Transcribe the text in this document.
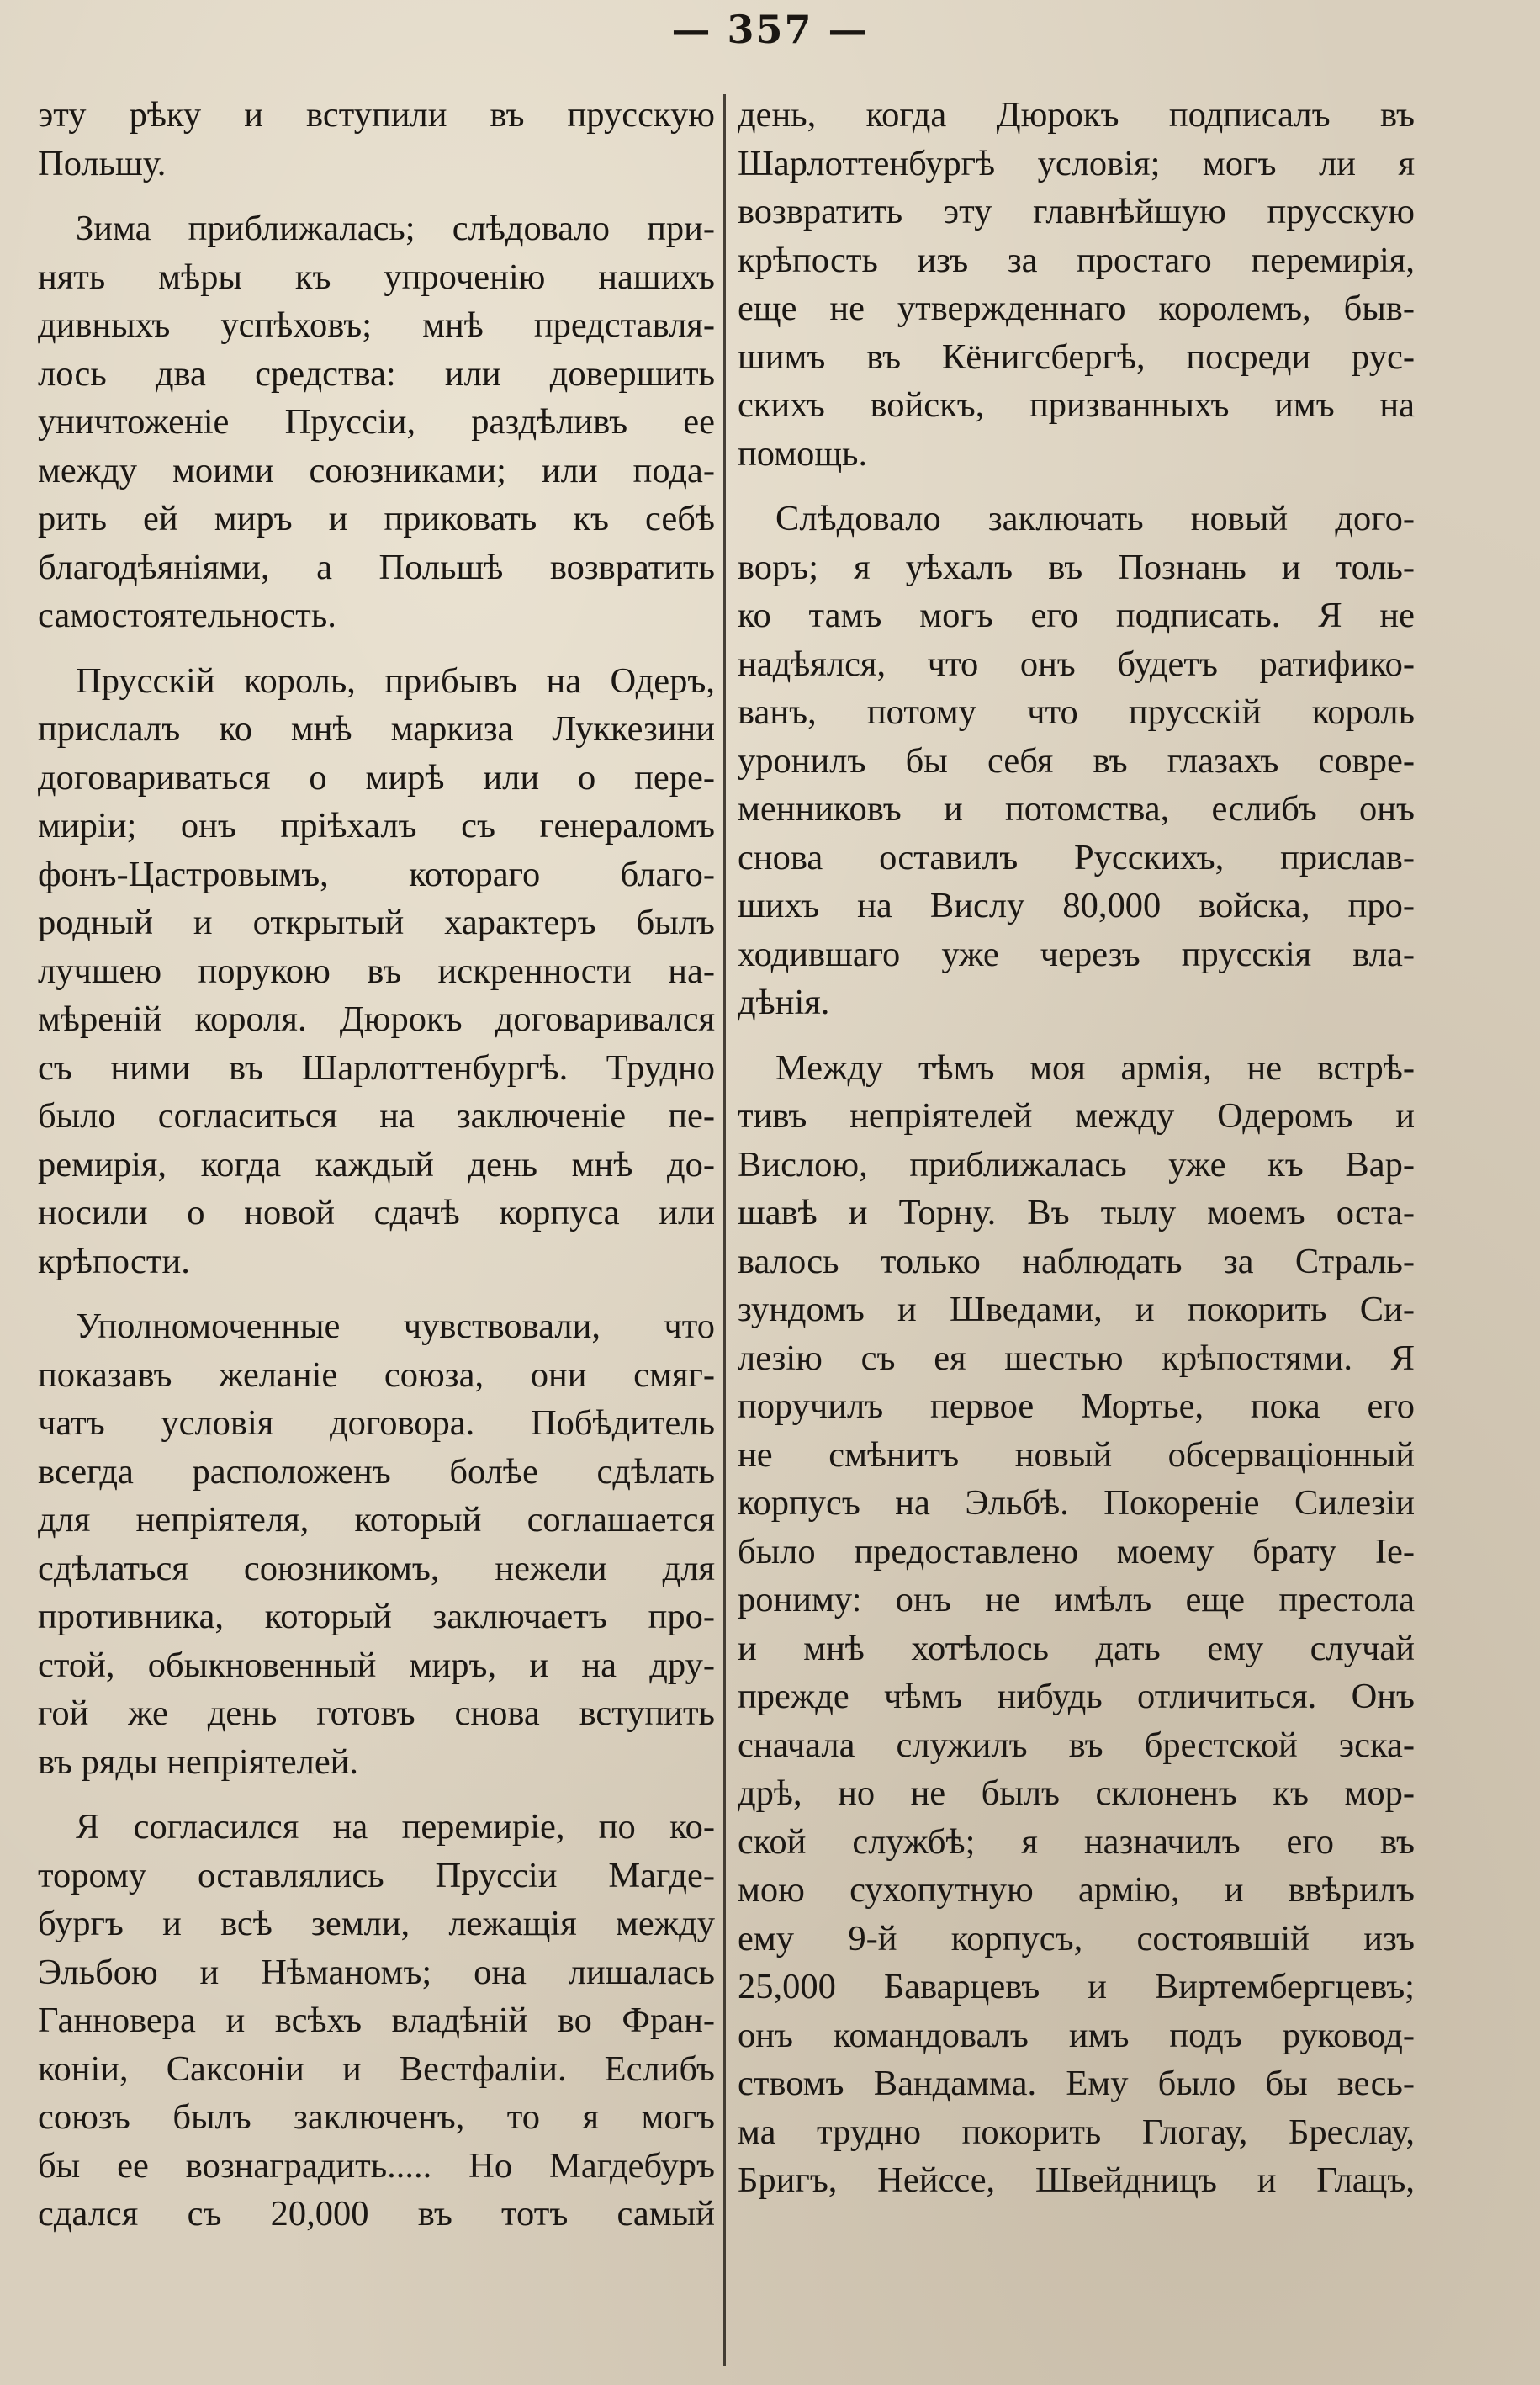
— 357 —
эту рѣку и вступили въ прусскую
Польшу.
Зима приближалась; слѣдовало при-
нять мѣры къ упроченію нашихъ
дивныхъ успѣховъ; мнѣ представля-
лось два средства: или довершить
уничтоженіе Пруссіи, раздѣливъ ее
между моими союзниками; или пода-
рить ей миръ и приковать къ себѣ
благодѣяніями, а Польшѣ возвратить
самостоятельность.
Прусскій король, прибывъ на Одеръ,
прислалъ ко мнѣ маркиза Луккезини
договариваться о мирѣ или о пере-
миріи; онъ пріѣхалъ съ генераломъ
фонъ-Цастровымъ, котораго благо-
родный и открытый характеръ былъ
лучшею порукою въ искренности на-
мѣреній короля. Дюрокъ договаривался
съ ними въ Шарлоттенбургѣ. Трудно
было согласиться на заключеніе пе-
ремирія, когда каждый день мнѣ до-
носили о новой сдачѣ корпуса или
крѣпости.
Уполномоченные чувствовали, что
показавъ желаніе союза, они смяг-
чатъ условія договора. Побѣдитель
всегда расположенъ болѣе сдѣлать
для непріятеля, который соглашается
сдѣлаться союзникомъ, нежели для
противника, который заключаетъ про-
стой, обыкновенный миръ, и на дру-
гой же день готовъ снова вступить
въ ряды непріятелей.
Я согласился на перемиріе, по ко-
торому оставлялись Пруссіи Магде-
бургъ и всѣ земли, лежащія между
Эльбою и Нѣманомъ; она лишалась
Ганновера и всѣхъ владѣній во Фран-
коніи, Саксоніи и Вестфаліи. Еслибъ
союзъ былъ заключенъ, то я могъ
бы ее вознаградить..... Но Магдебуръ
сдался съ 20,000 въ тотъ самый
день, когда Дюрокъ подписалъ въ
Шарлоттенбургѣ условія; могъ ли я
возвратить эту главнѣйшую прусскую
крѣпость изъ за простаго перемирія,
еще не утвержденнаго королемъ, быв-
шимъ въ Кёнигсбергѣ, посреди рус-
скихъ войскъ, призванныхъ имъ на
помощь.
Слѣдовало заключать новый дого-
воръ; я уѣхалъ въ Познань и толь-
ко тамъ могъ его подписать. Я не
надѣялся, что онъ будетъ ратифико-
ванъ, потому что прусскій король
уронилъ бы себя въ глазахъ совре-
менниковъ и потомства, еслибъ онъ
снова оставилъ Русскихъ, прислав-
шихъ на Вислу 80,000 войска, про-
ходившаго уже черезъ прусскія вла-
дѣнія.
Между тѣмъ моя армія, не встрѣ-
тивъ непріятелей между Одеромъ и
Вислою, приближалась уже къ Вар-
шавѣ и Торну. Въ тылу моемъ оста-
валось только наблюдать за Страль-
зундомъ и Шведами, и покорить Си-
лезію съ ея шестью крѣпостями. Я
поручилъ первое Мортье, пока его
не смѣнитъ новый обсерваціонный
корпусъ на Эльбѣ. Покореніе Силезіи
было предоставлено моему брату Іе-
рониму: онъ не имѣлъ еще престола
и мнѣ хотѣлось дать ему случай
прежде чѣмъ нибудь отличиться. Онъ
сначала служилъ въ брестской эска-
дрѣ, но не былъ склоненъ къ мор-
ской службѣ; я назначилъ его въ
мою сухопутную армію, и ввѣрилъ
ему 9-й корпусъ, состоявшій изъ
25,000 Баварцевъ и Виртембергцевъ;
онъ командовалъ имъ подъ руковод-
ствомъ Вандамма. Ему было бы весь-
ма трудно покорить Глогау, Бреслау,
Бригъ, Нейссе, Швейдницъ и Глацъ,
